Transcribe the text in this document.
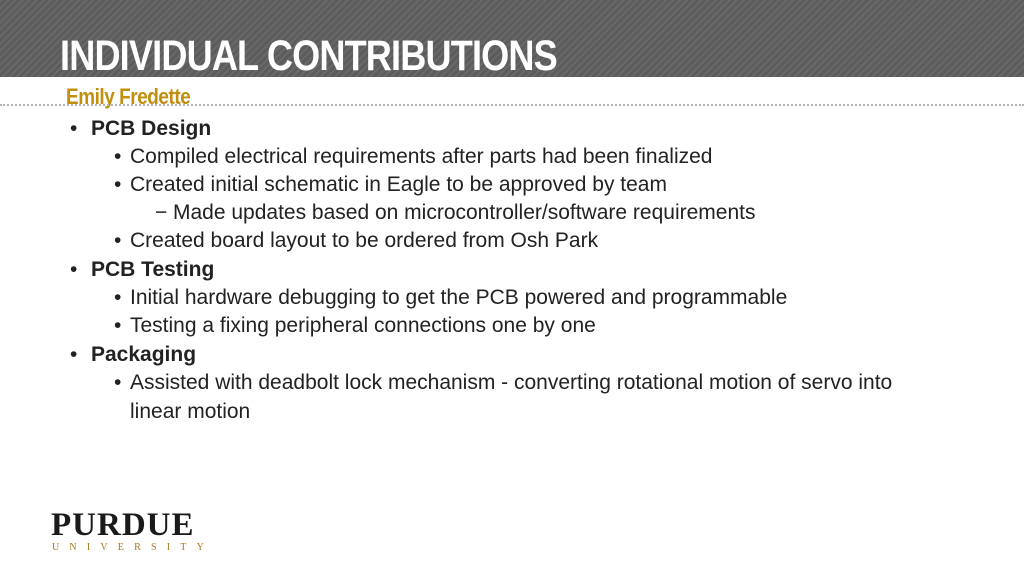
INDIVIDUAL CONTRIBUTIONS
Emily Fredette
• PCB Design
• Compiled electrical requirements after parts had been finalized
• Created initial schematic in Eagle to be approved by team
− Made updates based on microcontroller/software requirements
• Created board layout to be ordered from Osh Park
• PCB Testing
• Initial hardware debugging to get the PCB powered and programmable
• Testing a fixing peripheral connections one by one
• Packaging
• Assisted with deadbolt lock mechanism - converting rotational motion of servo into
linear motion
PURDUE
UNIVERSITY
